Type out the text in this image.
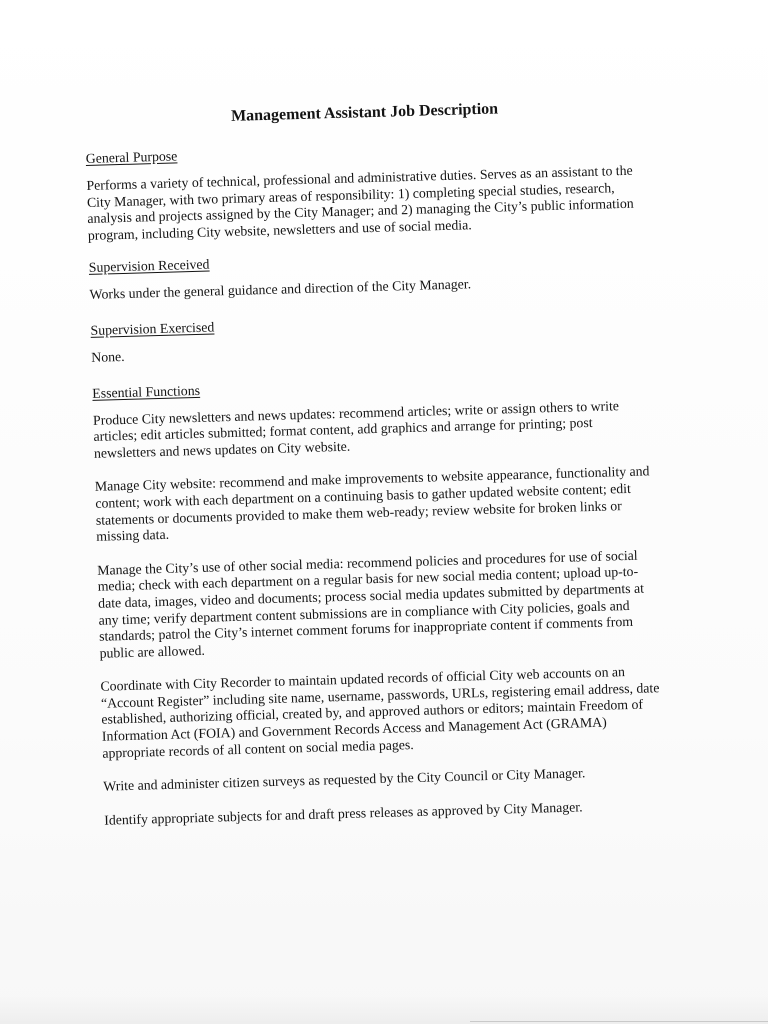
Management Assistant Job Description
General Purpose

Performs a variety of technical, professional and administrative duties. Serves as an assistant to the City Manager, with two primary areas of responsibility: 1) completing special studies, research, analysis and projects assigned by the City Manager; and 2) managing the City’s public information program, including City website, newsletters and use of social media.

Supervision Received

Works under the general guidance and direction of the City Manager.

Supervision Exercised

None.

Essential Functions

Produce City newsletters and news updates: recommend articles; write or assign others to write articles; edit articles submitted; format content, add graphics and arrange for printing; post newsletters and news updates on City website.

Manage City website: recommend and make improvements to website appearance, functionality and content; work with each department on a continuing basis to gather updated website content; edit statements or documents provided to make them web-ready; review website for broken links or missing data.

Manage the City’s use of other social media: recommend policies and procedures for use of social media; check with each department on a regular basis for new social media content; upload up-to-date data, images, video and documents; process social media updates submitted by departments at any time; verify department content submissions are in compliance with City policies, goals and standards; patrol the City’s internet comment forums for inappropriate content if comments from public are allowed.

Coordinate with City Recorder to maintain updated records of official City web accounts on an “Account Register” including site name, username, passwords, URLs, registering email address, date established, authorizing official, created by, and approved authors or editors; maintain Freedom of Information Act (FOIA) and Government Records Access and Management Act (GRAMA) appropriate records of all content on social media pages.

Write and administer citizen surveys as requested by the City Council or City Manager.

Identify appropriate subjects for and draft press releases as approved by City Manager.
